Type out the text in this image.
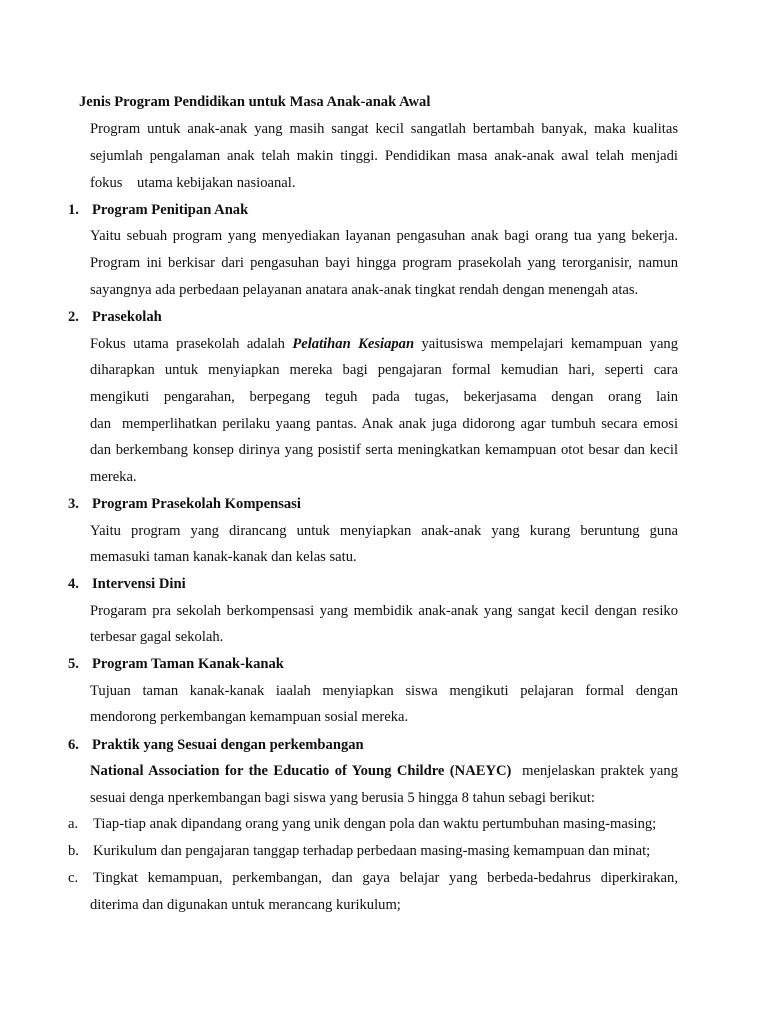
Jenis Program Pendidikan untuk Masa Anak-anak Awal
Program untuk anak-anak yang masih sangat kecil sangatlah bertambah banyak, maka kualitas
sejumlah pengalaman anak telah makin tinggi. Pendidikan masa anak-anak awal telah menjadi
fokus    utama kebijakan nasioanal.
1. Program Penitipan Anak
Yaitu sebuah program yang menyediakan layanan pengasuhan anak bagi orang tua yang bekerja.
Program ini berkisar dari pengasuhan bayi hingga program prasekolah yang terorganisir, namun
sayangnya ada perbedaan pelayanan anatara anak-anak tingkat rendah dengan menengah atas.
2. Prasekolah
Fokus utama prasekolah adalah Pelatihan Kesiapan yaitusiswa mempelajari kemampuan yang
diharapkan untuk menyiapkan mereka bagi pengajaran formal kemudian hari, seperti cara
mengikuti pengarahan, berpegang teguh pada tugas, bekerjasama dengan orang lain
dan  memperlihatkan perilaku yaang pantas. Anak anak juga didorong agar tumbuh secara emosi
dan berkembang konsep dirinya yang posistif serta meningkatkan kemampuan otot besar dan kecil
mereka.
3. Program Prasekolah Kompensasi
Yaitu program yang dirancang untuk menyiapkan anak-anak yang kurang beruntung guna
memasuki taman kanak-kanak dan kelas satu.
4. Intervensi Dini
Progaram pra sekolah berkompensasi yang membidik anak-anak yang sangat kecil dengan resiko
terbesar gagal sekolah.
5. Program Taman Kanak-kanak
Tujuan taman kanak-kanak iaalah menyiapkan siswa mengikuti pelajaran formal dengan
mendorong perkembangan kemampuan sosial mereka.
6. Praktik yang Sesuai dengan perkembangan
National Association for the Educatio of Young Childre (NAEYC)  menjelaskan praktek yang
sesuai denga nperkembangan bagi siswa yang berusia 5 hingga 8 tahun sebagi berikut:
a. Tiap-tiap anak dipandang orang yang unik dengan pola dan waktu pertumbuhan masing-masing;
b. Kurikulum dan pengajaran tanggap terhadap perbedaan masing-masing kemampuan dan minat;
c. Tingkat kemampuan, perkembangan, dan gaya belajar yang berbeda-bedahrus diperkirakan,
diterima dan digunakan untuk merancang kurikulum;
